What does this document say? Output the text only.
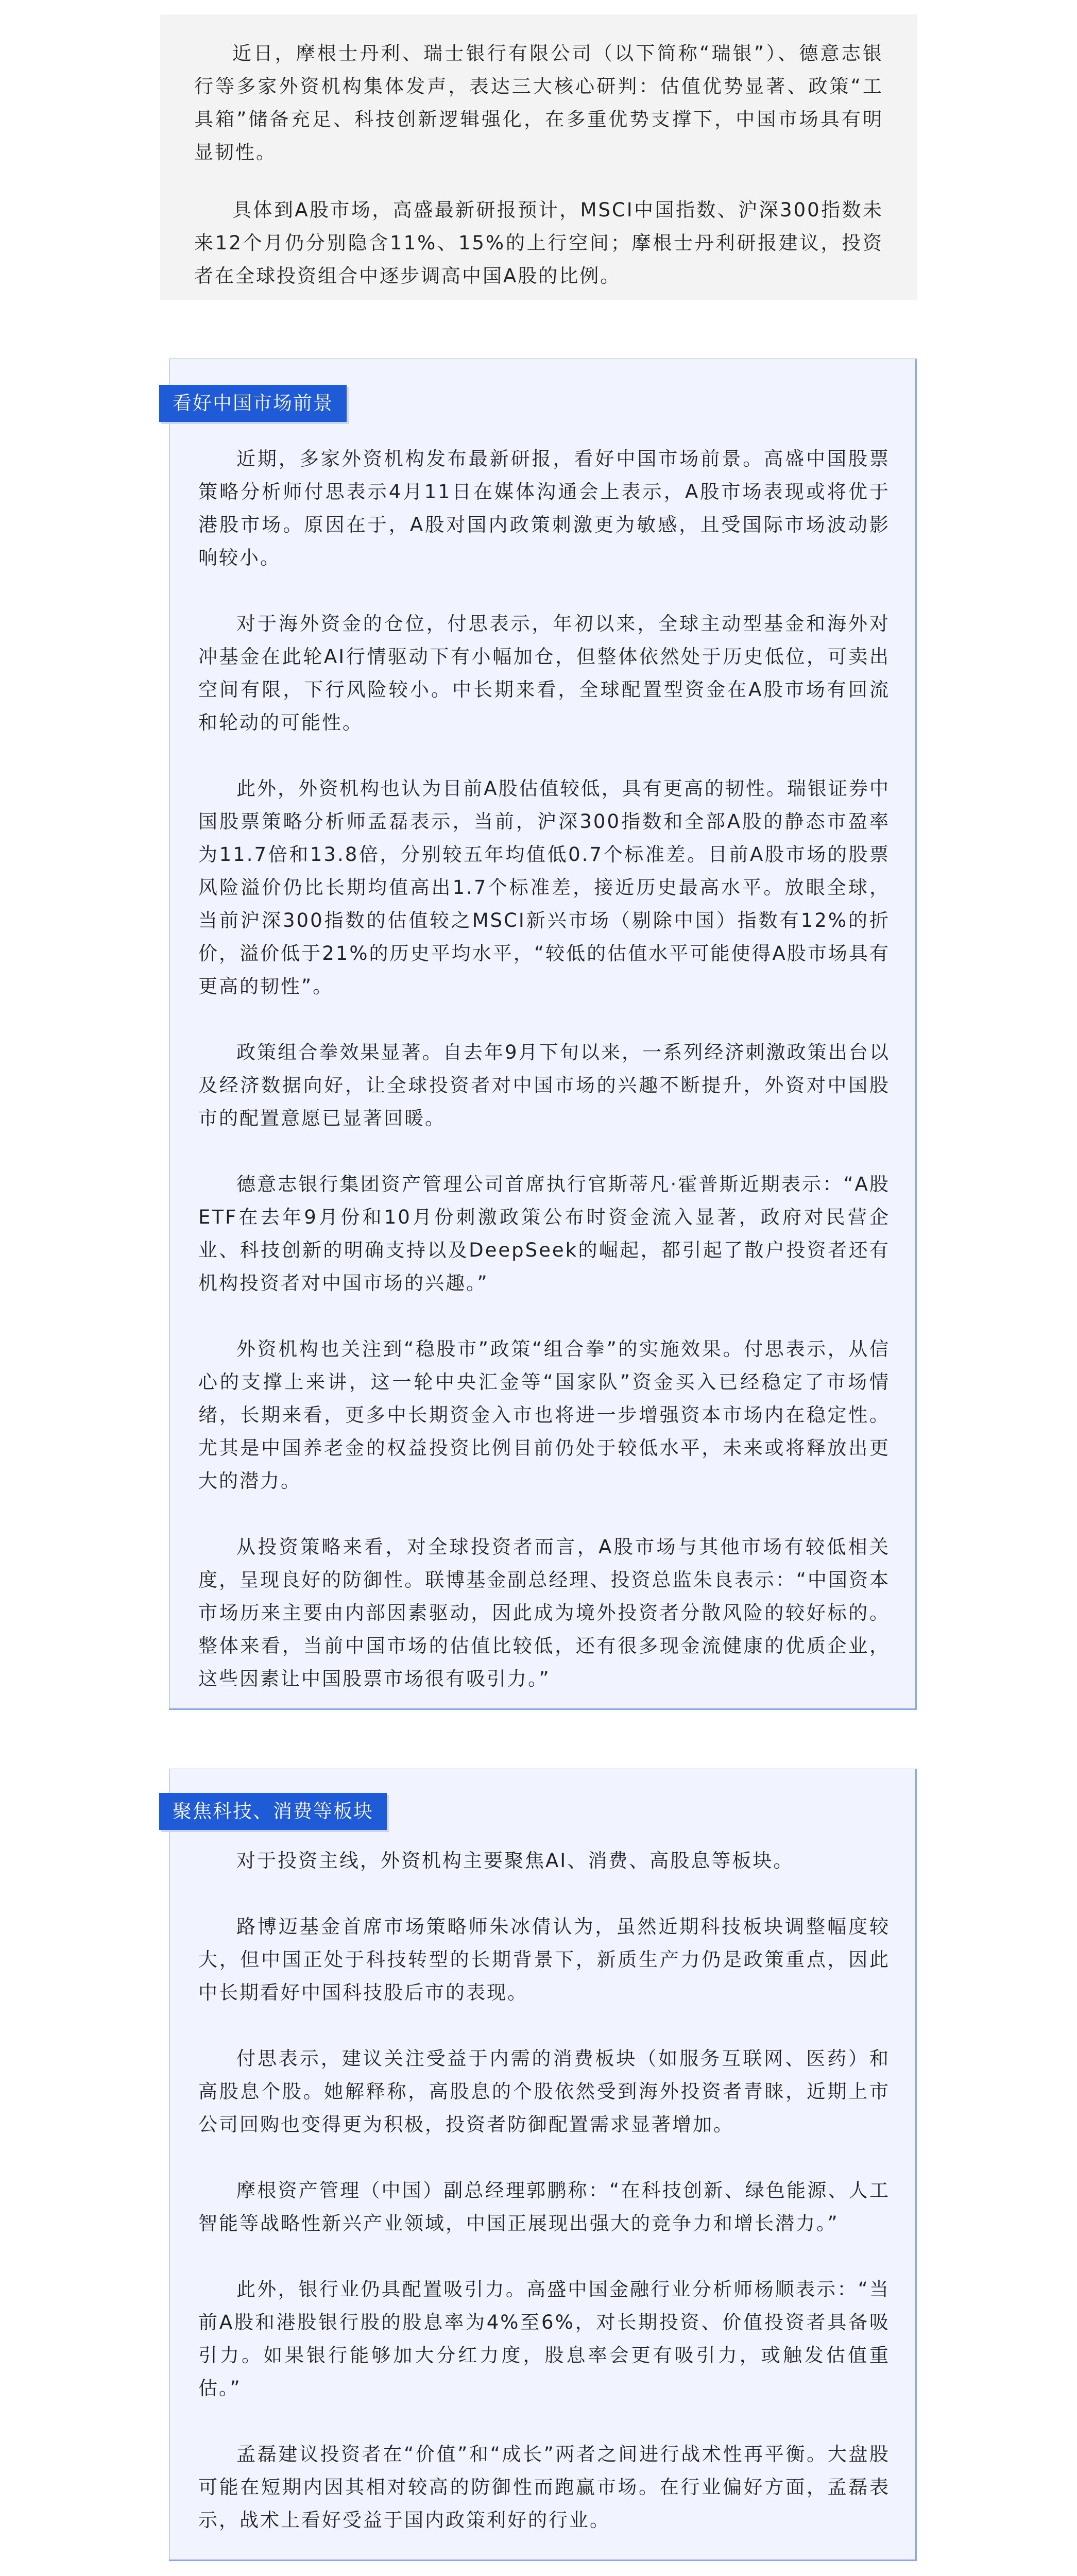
近日，摩根士丹利、瑞士银行有限公司（以下简称“瑞银”）、德意志银行等多家外资机构集体发声，表达三大核心研判：估值优势显著、政策“工具箱”储备充足、科技创新逻辑强化，在多重优势支撑下，中国市场具有明显韧性。

具体到A股市场，高盛最新研报预计，MSCI中国指数、沪深300指数未来12个月仍分别隐含11%、15%的上行空间；摩根士丹利研报建议，投资者在全球投资组合中逐步调高中国A股的比例。

看好中国市场前景

近期，多家外资机构发布最新研报，看好中国市场前景。高盛中国股票策略分析师付思表示4月11日在媒体沟通会上表示，A股市场表现或将优于港股市场。原因在于，A股对国内政策刺激更为敏感，且受国际市场波动影响较小。

对于海外资金的仓位，付思表示，年初以来，全球主动型基金和海外对冲基金在此轮AI行情驱动下有小幅加仓，但整体依然处于历史低位，可卖出空间有限，下行风险较小。中长期来看，全球配置型资金在A股市场有回流和轮动的可能性。

此外，外资机构也认为目前A股估值较低，具有更高的韧性。瑞银证券中国股票策略分析师孟磊表示，当前，沪深300指数和全部A股的静态市盈率为11.7倍和13.8倍，分别较五年均值低0.7个标准差。目前A股市场的股票风险溢价仍比长期均值高出1.7个标准差，接近历史最高水平。放眼全球，当前沪深300指数的估值较之MSCI新兴市场（剔除中国）指数有12%的折价，溢价低于21%的历史平均水平，“较低的估值水平可能使得A股市场具有更高的韧性”。

政策组合拳效果显著。自去年9月下旬以来，一系列经济刺激政策出台以及经济数据向好，让全球投资者对中国市场的兴趣不断提升，外资对中国股市的配置意愿已显著回暖。

德意志银行集团资产管理公司首席执行官斯蒂凡·霍普斯近期表示：“A股ETF在去年9月份和10月份刺激政策公布时资金流入显著，政府对民营企业、科技创新的明确支持以及DeepSeek的崛起，都引起了散户投资者还有机构投资者对中国市场的兴趣。”

外资机构也关注到“稳股市”政策“组合拳”的实施效果。付思表示，从信心的支撑上来讲，这一轮中央汇金等“国家队”资金买入已经稳定了市场情绪，长期来看，更多中长期资金入市也将进一步增强资本市场内在稳定性。尤其是中国养老金的权益投资比例目前仍处于较低水平，未来或将释放出更大的潜力。

从投资策略来看，对全球投资者而言，A股市场与其他市场有较低相关度，呈现良好的防御性。联博基金副总经理、投资总监朱良表示：“中国资本市场历来主要由内部因素驱动，因此成为境外投资者分散风险的较好标的。整体来看，当前中国市场的估值比较低，还有很多现金流健康的优质企业，这些因素让中国股票市场很有吸引力。”

聚焦科技、消费等板块

对于投资主线，外资机构主要聚焦AI、消费、高股息等板块。

路博迈基金首席市场策略师朱冰倩认为，虽然近期科技板块调整幅度较大，但中国正处于科技转型的长期背景下，新质生产力仍是政策重点，因此中长期看好中国科技股后市的表现。

付思表示，建议关注受益于内需的消费板块（如服务互联网、医药）和高股息个股。她解释称，高股息的个股依然受到海外投资者青睐，近期上市公司回购也变得更为积极，投资者防御配置需求显著增加。

摩根资产管理（中国）副总经理郭鹏称：“在科技创新、绿色能源、人工智能等战略性新兴产业领域，中国正展现出强大的竞争力和增长潜力。”

此外，银行业仍具配置吸引力。高盛中国金融行业分析师杨顺表示：“当前A股和港股银行股的股息率为4%至6%，对长期投资、价值投资者具备吸引力。如果银行能够加大分红力度，股息率会更有吸引力，或触发估值重估。”

孟磊建议投资者在“价值”和“成长”两者之间进行战术性再平衡。大盘股可能在短期内因其相对较高的防御性而跑赢市场。在行业偏好方面，孟磊表示，战术上看好受益于国内政策利好的行业。
